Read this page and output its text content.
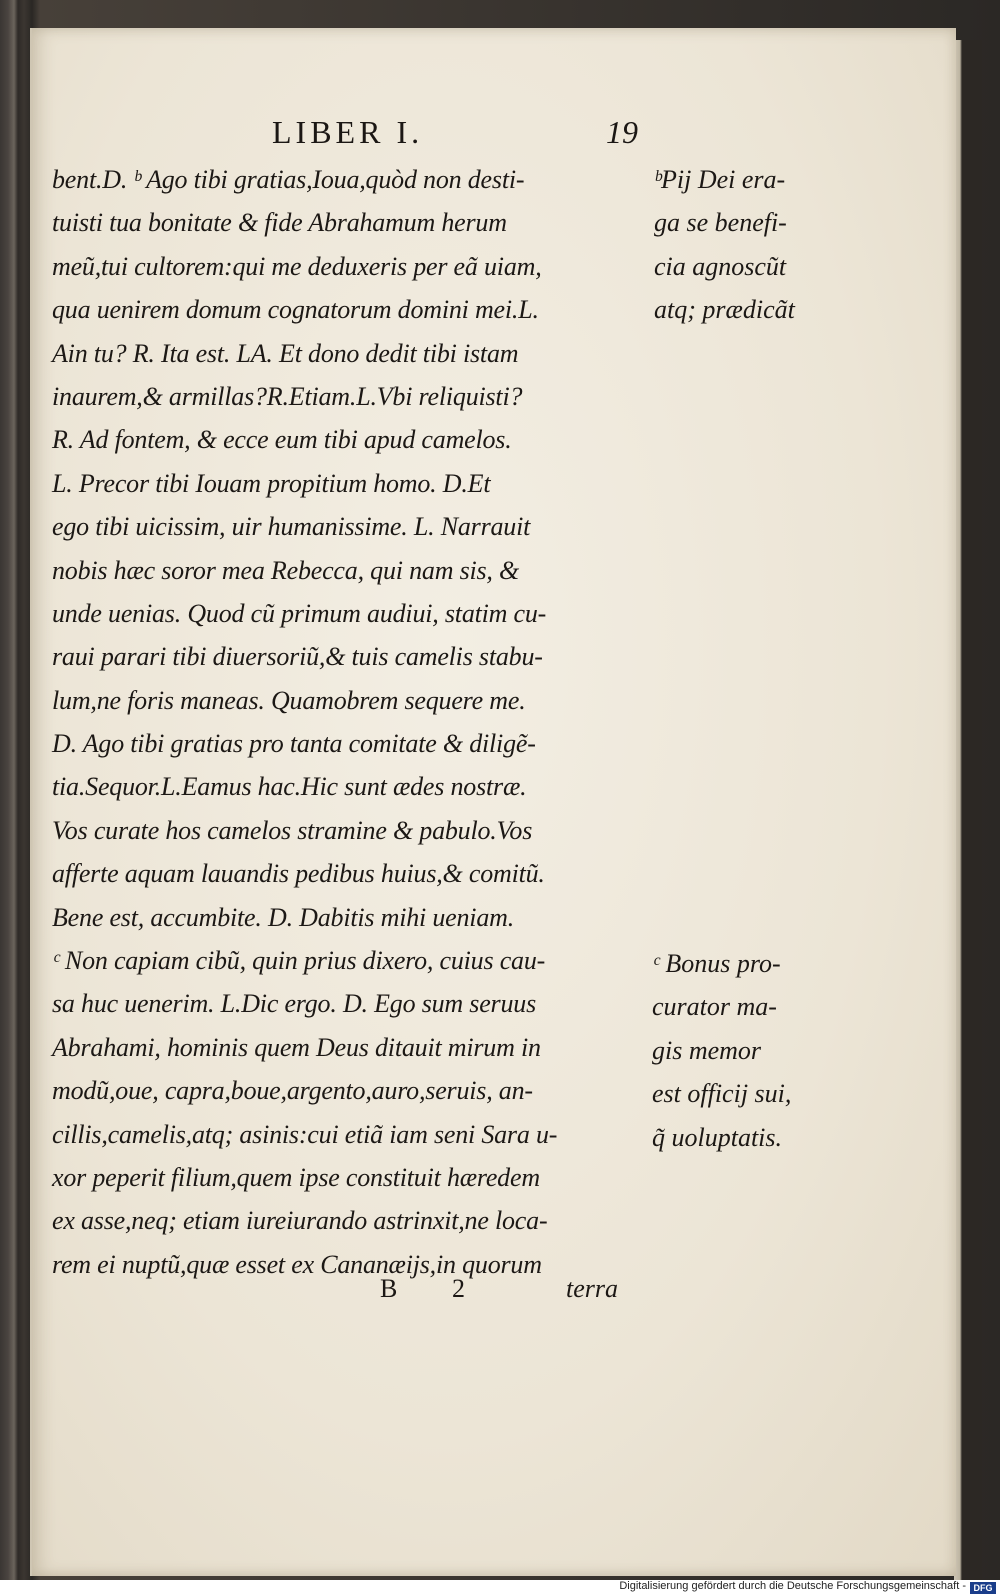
LIBER I.	19
bent.D. ᵇ Ago tibi gratias,Ioua,quòd non desti-
tuisti tua bonitate & fide Abrahamum herum
meũ,tui cultorem:qui me deduxeris per eã uiam,
qua uenirem domum cognatorum domini mei.L.
Ain tu? R. Ita est. LA. Et dono dedit tibi istam
inaurem,& armillas?R.Etiam.L.Vbi reliquisti?
R. Ad fontem, & ecce eum tibi apud camelos.
L. Precor tibi Iouam propitium homo. D.Et
ego tibi uicissim, uir humanissime. L. Narrauit
nobis hæc soror mea Rebecca, qui nam sis, &
unde uenias. Quod cũ primum audiui, statim cu-
raui parari tibi diuersoriũ,& tuis camelis stabu-
lum,ne foris maneas. Quamobrem sequere me.
D. Ago tibi gratias pro tanta comitate & diligẽ-
tia.Sequor.L.Eamus hac.Hic sunt ædes nostræ.
Vos curate hos camelos stramine & pabulo.Vos
afferte aquam lauandis pedibus huius,& comitũ.
Bene est, accumbite. D. Dabitis mihi ueniam.
ᶜ Non capiam cibũ, quin prius dixero, cuius cau-
sa huc uenerim. L.Dic ergo. D. Ego sum seruus
Abrahami, hominis quem Deus ditauit mirum in
modũ,oue, capra,boue,argento,auro,seruis, an-
cillis,camelis,atq; asinis:cui etiã iam seni Sara u-
xor peperit filium,quem ipse constituit hæredem
ex asse,neq; etiam iureiurando astrinxit,ne loca-
rem ei nuptũ,quæ esset ex Cananæijs,in quorum
ᵇPij Dei era-
ga se benefi-
cia agnoscũt
atq; prædicãt
ᶜ Bonus pro-
curator ma-
gis memor
est officij sui,
q̃ uoluptatis.
B 2	terra
Digitalisierung gefördert durch die Deutsche Forschungsgemeinschaft - DFG
